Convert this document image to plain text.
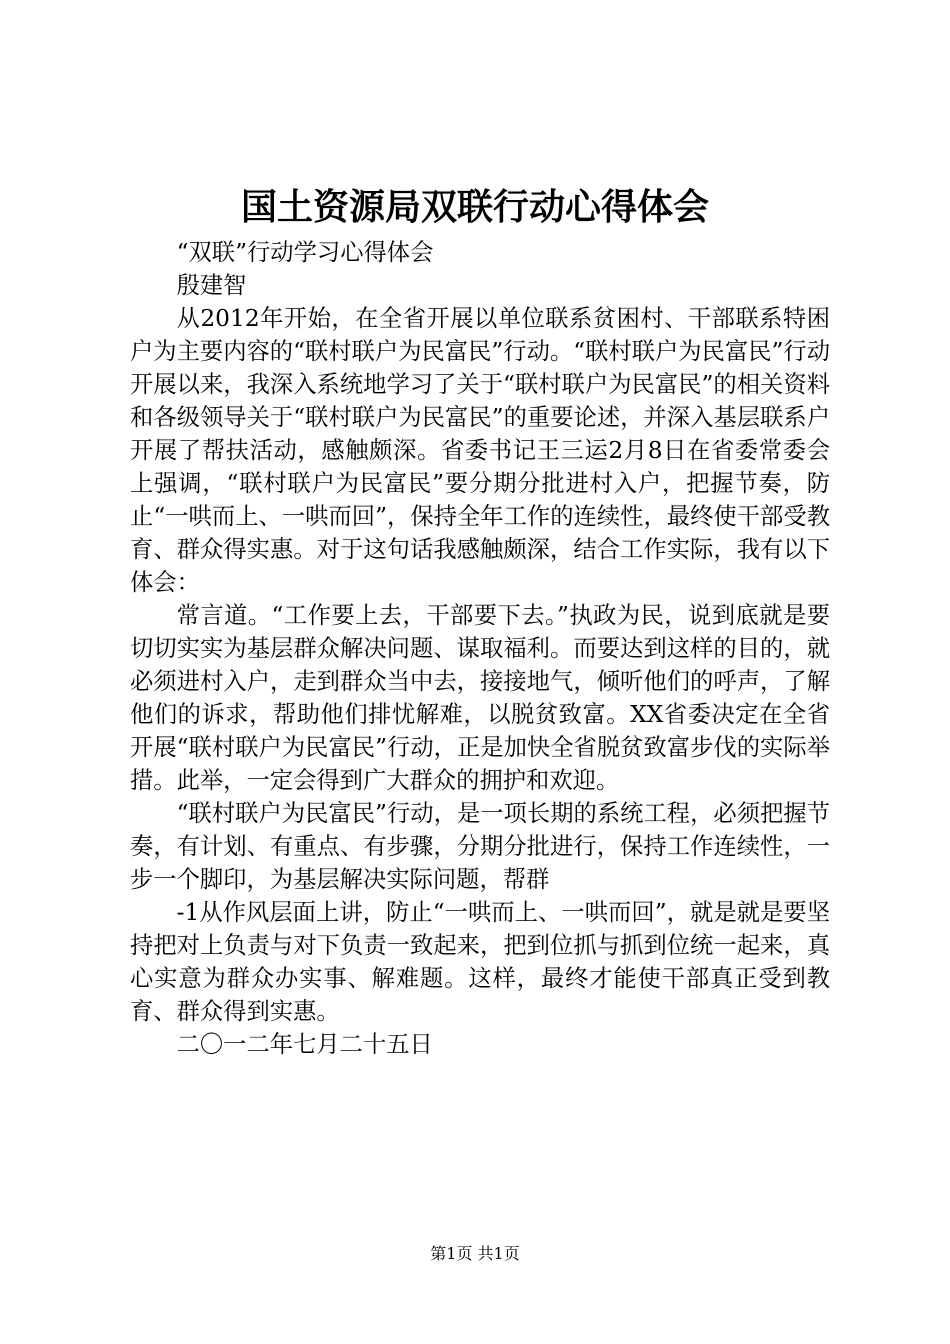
国土资源局双联行动心得体会

“双联”行动学习心得体会

殷建智

从2012年开始，在全省开展以单位联系贫困村、干部联系特困户为主要内容的“联村联户为民富民”行动。“联村联户为民富民”行动开展以来，我深入系统地学习了关于“联村联户为民富民”的相关资料和各级领导关于“联村联户为民富民”的重要论述，并深入基层联系户开展了帮扶活动，感触颇深。省委书记王三运2月8日在省委常委会上强调，“联村联户为民富民”要分期分批进村入户，把握节奏，防止“一哄而上、一哄而回”，保持全年工作的连续性，最终使干部受教育、群众得实惠。对于这句话我感触颇深，结合工作实际，我有以下体会：

常言道。“工作要上去，干部要下去。”执政为民，说到底就是要切切实实为基层群众解决问题、谋取福利。而要达到这样的目的，就必须进村入户，走到群众当中去，接接地气，倾听他们的呼声，了解他们的诉求，帮助他们排忧解难，以脱贫致富。XX省委决定在全省开展“联村联户为民富民”行动，正是加快全省脱贫致富步伐的实际举措。此举，一定会得到广大群众的拥护和欢迎。

“联村联户为民富民”行动，是一项长期的系统工程，必须把握节奏，有计划、有重点、有步骤，分期分批进行，保持工作连续性，一步一个脚印，为基层解决实际问题，帮群

-1从作风层面上讲，防止“一哄而上、一哄而回”，就是就是要坚持把对上负责与对下负责一致起来，把到位抓与抓到位统一起来，真心实意为群众办实事、解难题。这样，最终才能使干部真正受到教育、群众得到实惠。

二〇一二年七月二十五日

第1页 共1页
